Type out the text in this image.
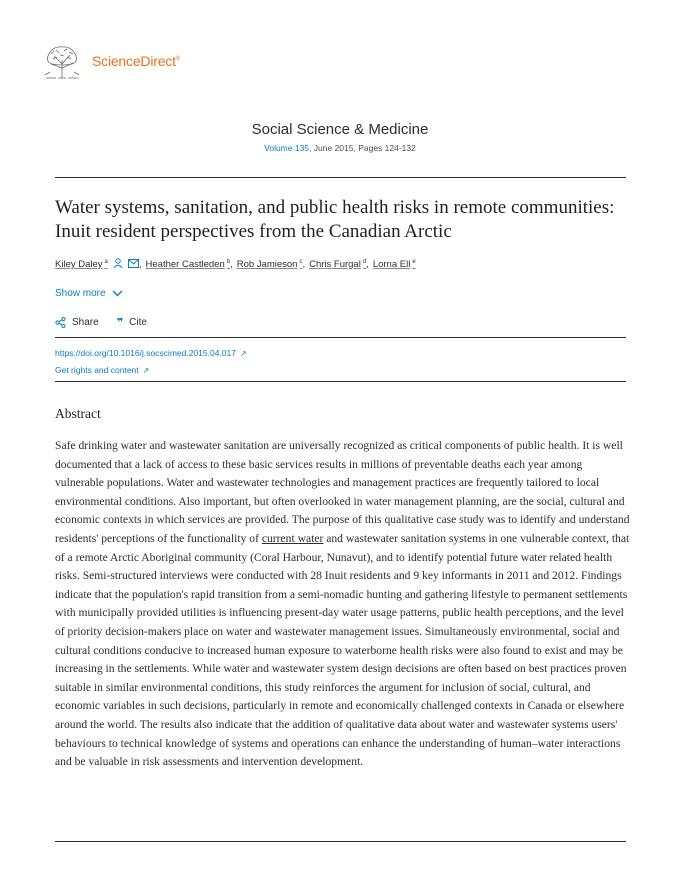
ScienceDirect®
Social Science & Medicine
Volume 135, June 2015, Pages 124-132
Water systems, sanitation, and public health risks in remote communities: Inuit resident perspectives from the Canadian Arctic
Kiley Daley $^a$	, Heather Castleden $^b$ , Rob Jamieson $^c$ , Chris Furgal $^d$ , Lorna Ell $^e$
Show more
Share ❞ Cite
https://doi.org/10.1016/j.socscimed.2015.04.017 ↗
Get rights and content ↗
Abstract

Safe drinking water and wastewater sanitation are universally recognized as critical components of public health. It is well documented that a lack of access to these basic services results in millions of preventable deaths each year among vulnerable populations. Water and wastewater technologies and management practices are frequently tailored to local environmental conditions. Also important, but often overlooked in water management planning, are the social, cultural and economic contexts in which services are provided. The purpose of this qualitative case study was to identify and understand residents' perceptions of the functionality of current water and wastewater sanitation systems in one vulnerable context, that of a remote Arctic Aboriginal community (Coral Harbour, Nunavut), and to identify potential future water related health risks. Semi-structured interviews were conducted with 28 Inuit residents and 9 key informants in 2011 and 2012. Findings indicate that the population's rapid transition from a semi-nomadic hunting and gathering lifestyle to permanent settlements with municipally provided utilities is influencing present-day water usage patterns, public health perceptions, and the level of priority decision-makers place on water and wastewater management issues. Simultaneously environmental, social and cultural conditions conducive to increased human exposure to waterborne health risks were also found to exist and may be increasing in the settlements. While water and wastewater system design decisions are often based on best practices proven suitable in similar environmental conditions, this study reinforces the argument for inclusion of social, cultural, and economic variables in such decisions, particularly in remote and economically challenged contexts in Canada or elsewhere around the world. The results also indicate that the addition of qualitative data about water and wastewater systems users' behaviours to technical knowledge of systems and operations can enhance the understanding of human–water interactions and be valuable in risk assessments and intervention development.
